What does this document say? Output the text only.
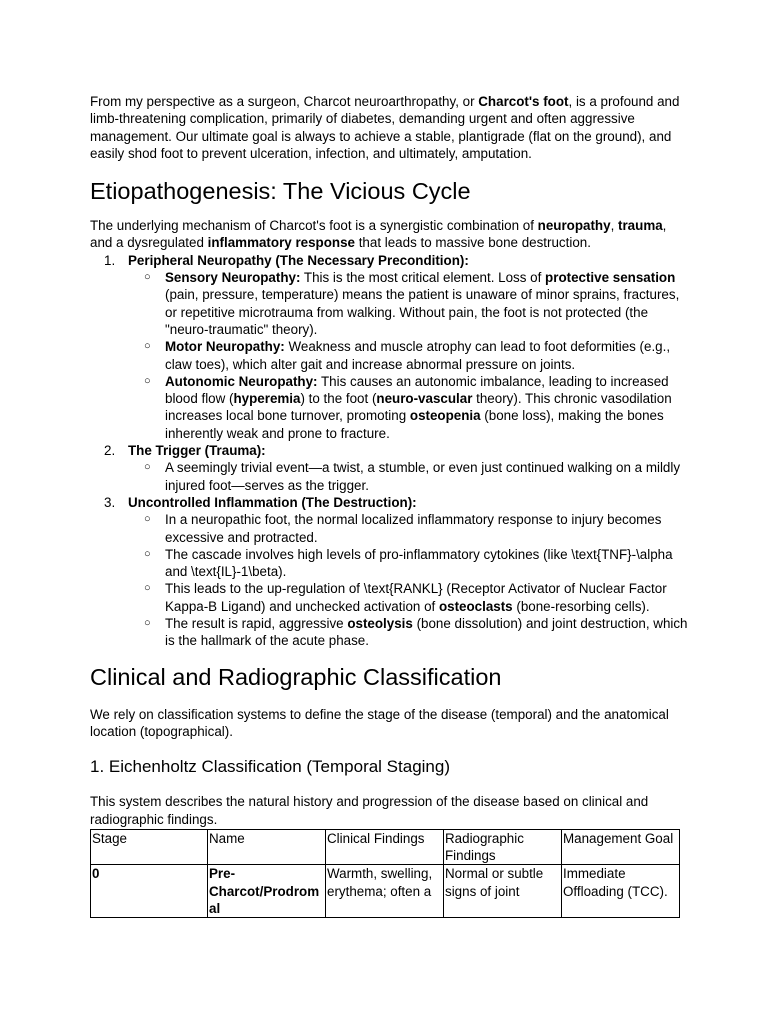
From my perspective as a surgeon, Charcot neuroarthropathy, or Charcot's foot, is a profound and limb-threatening complication, primarily of diabetes, demanding urgent and often aggressive management. Our ultimate goal is always to achieve a stable, plantigrade (flat on the ground), and easily shod foot to prevent ulceration, infection, and ultimately, amputation.

Etiopathogenesis: The Vicious Cycle

The underlying mechanism of Charcot's foot is a synergistic combination of neuropathy, trauma, and a dysregulated inflammatory response that leads to massive bone destruction.

1. Peripheral Neuropathy (The Necessary Precondition):
○ Sensory Neuropathy: This is the most critical element. Loss of protective sensation (pain, pressure, temperature) means the patient is unaware of minor sprains, fractures, or repetitive microtrauma from walking. Without pain, the foot is not protected (the "neuro-traumatic" theory).
○ Motor Neuropathy: Weakness and muscle atrophy can lead to foot deformities (e.g., claw toes), which alter gait and increase abnormal pressure on joints.
○ Autonomic Neuropathy: This causes an autonomic imbalance, leading to increased blood flow (hyperemia) to the foot (neuro-vascular theory). This chronic vasodilation increases local bone turnover, promoting osteopenia (bone loss), making the bones inherently weak and prone to fracture.
2. The Trigger (Trauma):
○ A seemingly trivial event—a twist, a stumble, or even just continued walking on a mildly injured foot—serves as the trigger.
3. Uncontrolled Inflammation (The Destruction):
○ In a neuropathic foot, the normal localized inflammatory response to injury becomes excessive and protracted.
○ The cascade involves high levels of pro-inflammatory cytokines (like \text{TNF}-\alpha and \text{IL}-1\beta).
○ This leads to the up-regulation of \text{RANKL} (Receptor Activator of Nuclear Factor Kappa-B Ligand) and unchecked activation of osteoclasts (bone-resorbing cells).
○ The result is rapid, aggressive osteolysis (bone dissolution) and joint destruction, which is the hallmark of the acute phase.
Clinical and Radiographic Classification

We rely on classification systems to define the stage of the disease (temporal) and the anatomical location (topographical).

1. Eichenholtz Classification (Temporal Staging)

This system describes the natural history and progression of the disease based on clinical and radiographic findings.

Stage	Name	Clinical Findings	Radiographic Findings	Management Goal
0	Pre-Charcot/Prodromal	Warmth, swelling, erythema; often a	Normal or subtle signs of joint	Immediate Offloading (TCC).
